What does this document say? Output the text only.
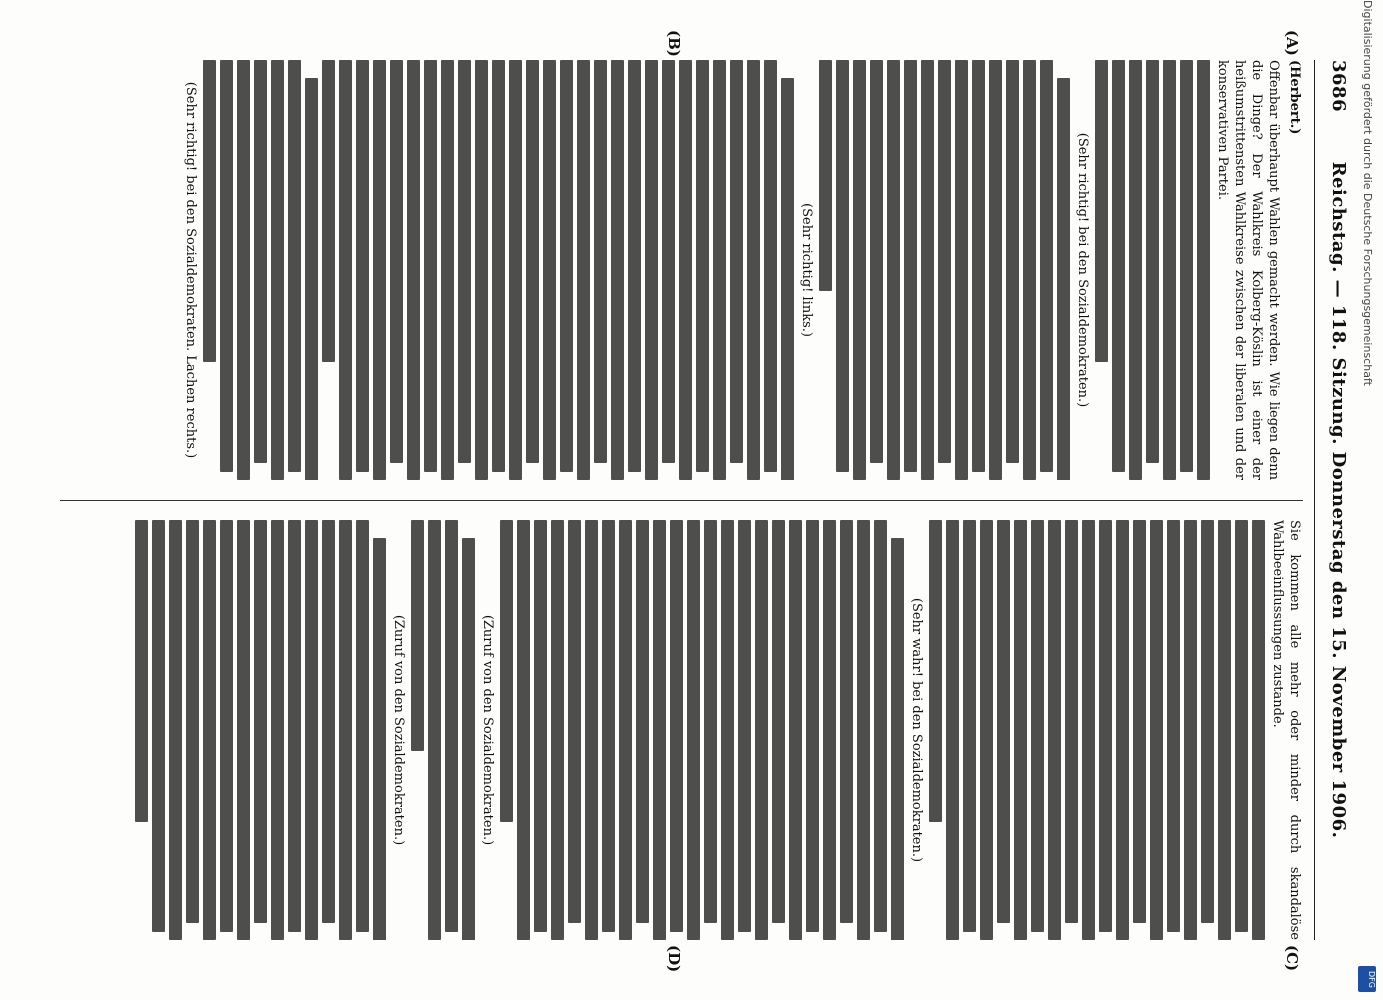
3686
Reichstag. — 118. Sitzung. Donnerstag den 15. November 1906.
(A)
(B)
(C)
(D)

(Herbert.)

Offenbar überhaupt Wahlen gemacht werden. Wie liegen denn die Dinge? Der Wahlkreis Kolberg-Köslin ist einer der heißumstrittensten Wahlkreise zwischen der liberalen und der konservativen Partei.

(Sehr richtig! bei den Sozialdemokraten.)

(Sehr richtig! links.)

(Sehr richtig! bei den Sozialdemokraten. Lachen rechts.)

Sie kommen alle mehr oder minder durch skandalöse Wahlbeeinflussungen zustande.

(Sehr wahr! bei den Sozialdemokraten.)

(Zuruf von den Sozialdemokraten.)

(Zuruf von den Sozialdemokraten.)

Digitalisierung gefördert durch die Deutsche Forschungsgemeinschaft
DFG
